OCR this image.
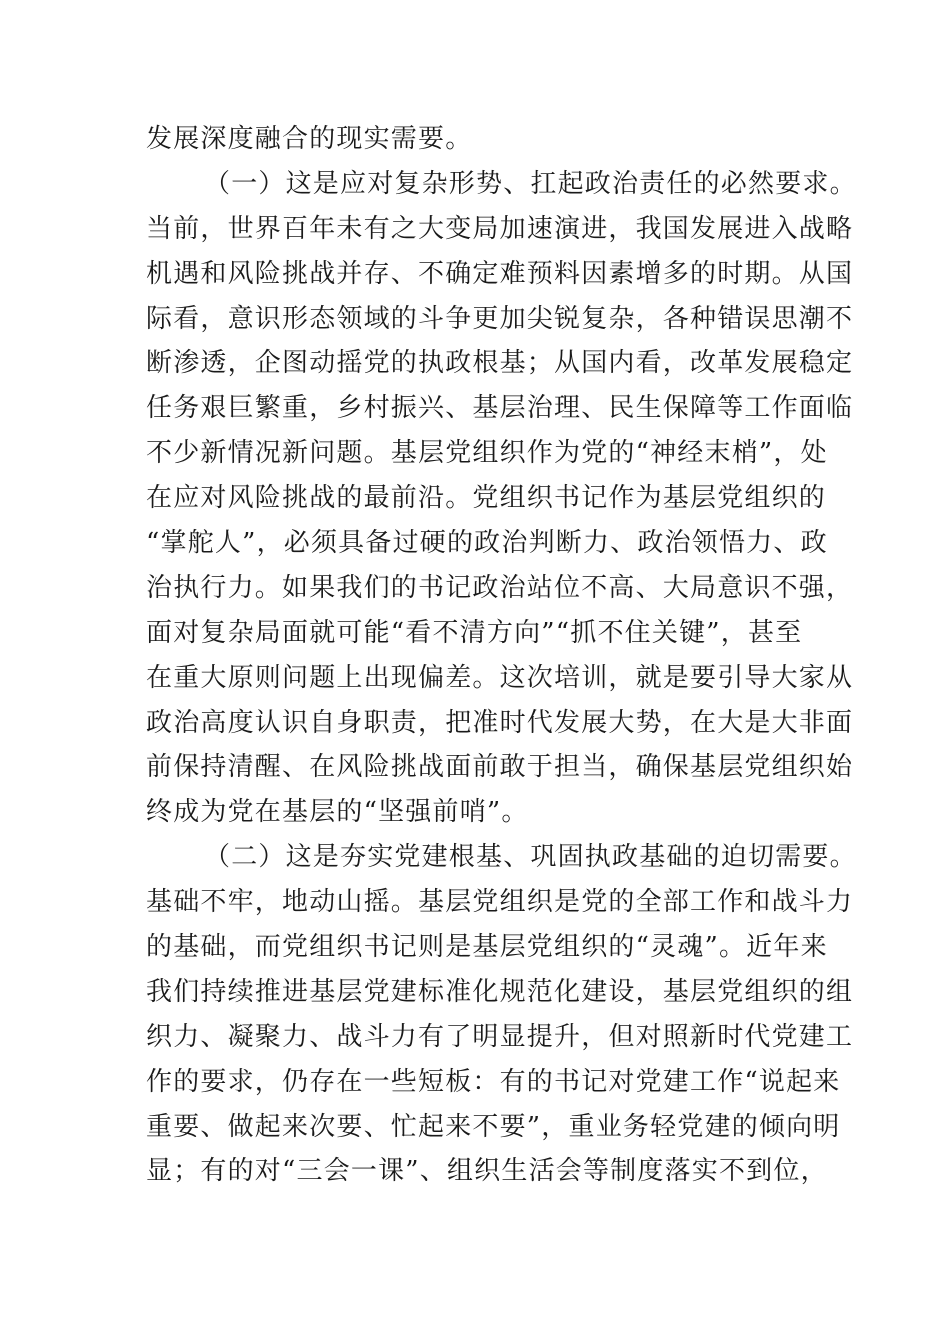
发展深度融合的现实需要。
（一）这是应对复杂形势、扛起政治责任的必然要求。
当前，世界百年未有之大变局加速演进，我国发展进入战略
机遇和风险挑战并存、不确定难预料因素增多的时期。从国
际看，意识形态领域的斗争更加尖锐复杂，各种错误思潮不
断渗透，企图动摇党的执政根基；从国内看，改革发展稳定
任务艰巨繁重，乡村振兴、基层治理、民生保障等工作面临
不少新情况新问题。基层党组织作为党的“神经末梢”，处
在应对风险挑战的最前沿。党组织书记作为基层党组织的
“掌舵人”，必须具备过硬的政治判断力、政治领悟力、政
治执行力。如果我们的书记政治站位不高、大局意识不强，
面对复杂局面就可能“看不清方向”“抓不住关键”，甚至
在重大原则问题上出现偏差。这次培训，就是要引导大家从
政治高度认识自身职责，把准时代发展大势，在大是大非面
前保持清醒、在风险挑战面前敢于担当，确保基层党组织始
终成为党在基层的“坚强前哨”。
（二）这是夯实党建根基、巩固执政基础的迫切需要。
基础不牢，地动山摇。基层党组织是党的全部工作和战斗力
的基础，而党组织书记则是基层党组织的“灵魂”。近年来
我们持续推进基层党建标准化规范化建设，基层党组织的组
织力、凝聚力、战斗力有了明显提升，但对照新时代党建工
作的要求，仍存在一些短板：有的书记对党建工作“说起来
重要、做起来次要、忙起来不要”，重业务轻党建的倾向明
显；有的对“三会一课”、组织生活会等制度落实不到位，
